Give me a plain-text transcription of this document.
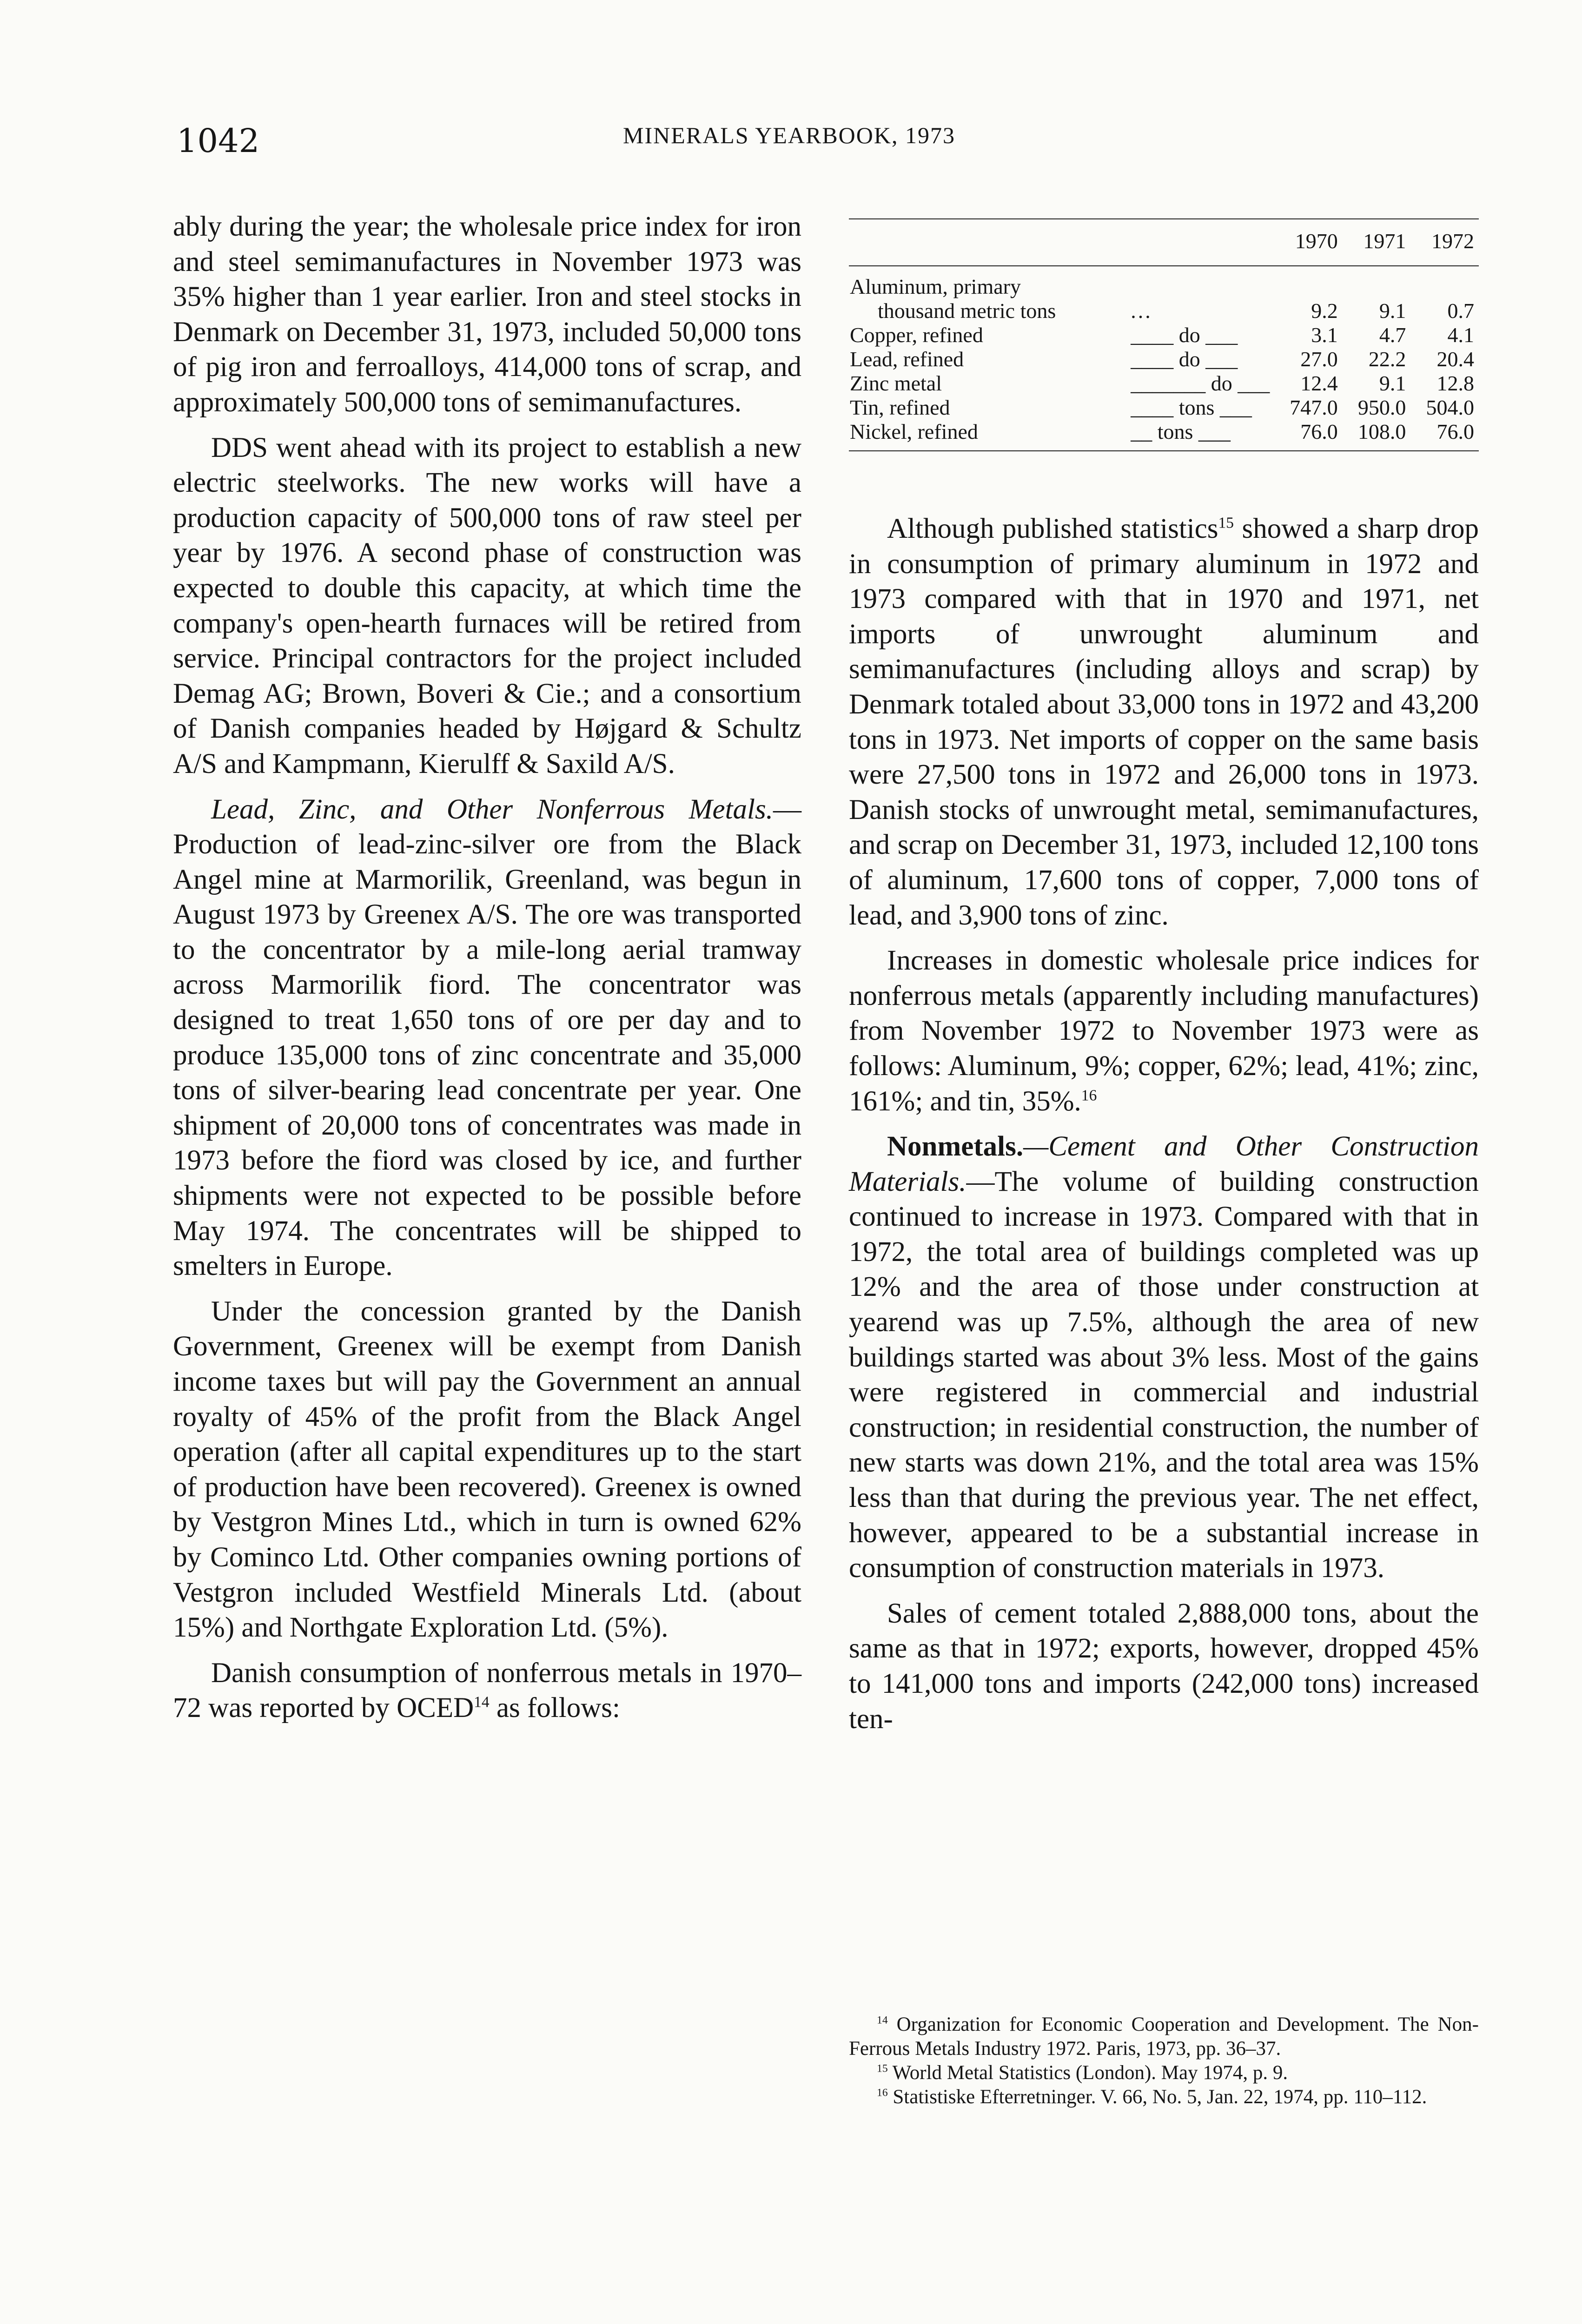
1042	MINERALS YEARBOOK, 1973

ably during the year; the wholesale price index for iron and steel semimanufactures in November 1973 was 35% higher than 1 year earlier. Iron and steel stocks in Denmark on December 31, 1973, included 50,000 tons of pig iron and ferroalloys, 414,000 tons of scrap, and approximately 500,000 tons of semimanufactures.

DDS went ahead with its project to establish a new electric steelworks. The new works will have a production capacity of 500,000 tons of raw steel per year by 1976. A second phase of construction was expected to double this capacity, at which time the company's open-hearth furnaces will be retired from service. Principal contractors for the project included Demag AG; Brown, Boveri & Cie.; and a consortium of Danish companies headed by Højgard & Schultz A/S and Kampmann, Kierulff & Saxild A/S.

Lead, Zinc, and Other Nonferrous Metals.—Production of lead-zinc-silver ore from the Black Angel mine at Marmorilik, Greenland, was begun in August 1973 by Greenex A/S. The ore was transported to the concentrator by a mile-long aerial tramway across Marmorilik fiord. The concentrator was designed to treat 1,650 tons of ore per day and to produce 135,000 tons of zinc concentrate and 35,000 tons of silver-bearing lead concentrate per year. One shipment of 20,000 tons of concentrates was made in 1973 before the fiord was closed by ice, and further shipments were not expected to be possible before May 1974. The concentrates will be shipped to smelters in Europe.

Under the concession granted by the Danish Government, Greenex will be exempt from Danish income taxes but will pay the Government an annual royalty of 45% of the profit from the Black Angel operation (after all capital expenditures up to the start of production have been recovered). Greenex is owned by Vestgron Mines Ltd., which in turn is owned 62% by Cominco Ltd. Other companies owning portions of Vestgron included Westfield Minerals Ltd. (about 15%) and Northgate Exploration Ltd. (5%).

Danish consumption of nonferrous metals in 1970–72 was reported by OCED$^{14}$ as follows:

		1970	1971	1972
Aluminum, primary				
thousand metric tons	...	9.2	9.1	0.7
Copper, refined	____ do ___	3.1	4.7	4.1
Lead, refined	____ do ___	27.0	22.2	20.4
Zinc metal	_______ do ___	12.4	9.1	12.8
Tin, refined	____ tons ___	747.0	950.0	504.0
Nickel, refined	__ tons ___	76.0	108.0	76.0

Although published statistics$^{15}$ showed a sharp drop in consumption of primary aluminum in 1972 and 1973 compared with that in 1970 and 1971, net imports of unwrought aluminum and semimanufactures (including alloys and scrap) by Denmark totaled about 33,000 tons in 1972 and 43,200 tons in 1973. Net imports of copper on the same basis were 27,500 tons in 1972 and 26,000 tons in 1973. Danish stocks of unwrought metal, semimanufactures, and scrap on December 31, 1973, included 12,100 tons of aluminum, 17,600 tons of copper, 7,000 tons of lead, and 3,900 tons of zinc.

Increases in domestic wholesale price indices for nonferrous metals (apparently including manufactures) from November 1972 to November 1973 were as follows: Aluminum, 9%; copper, 62%; lead, 41%; zinc, 161%; and tin, 35%.$^{16}$

Nonmetals.—Cement and Other Construction Materials.—The volume of building construction continued to increase in 1973. Compared with that in 1972, the total area of buildings completed was up 12% and the area of those under construction at yearend was up 7.5%, although the area of new buildings started was about 3% less. Most of the gains were registered in commercial and industrial construction; in residential construction, the number of new starts was down 21%, and the total area was 15% less than that during the previous year. The net effect, however, appeared to be a substantial increase in consumption of construction materials in 1973.

Sales of cement totaled 2,888,000 tons, about the same as that in 1972; exports, however, dropped 45% to 141,000 tons and imports (242,000 tons) increased ten-

$^{14}$ Organization for Economic Cooperation and Development. The Non-Ferrous Metals Industry 1972. Paris, 1973, pp. 36–37.

$^{15}$ World Metal Statistics (London). May 1974, p. 9.

$^{16}$ Statistiske Efterretninger. V. 66, No. 5, Jan. 22, 1974, pp. 110–112.
